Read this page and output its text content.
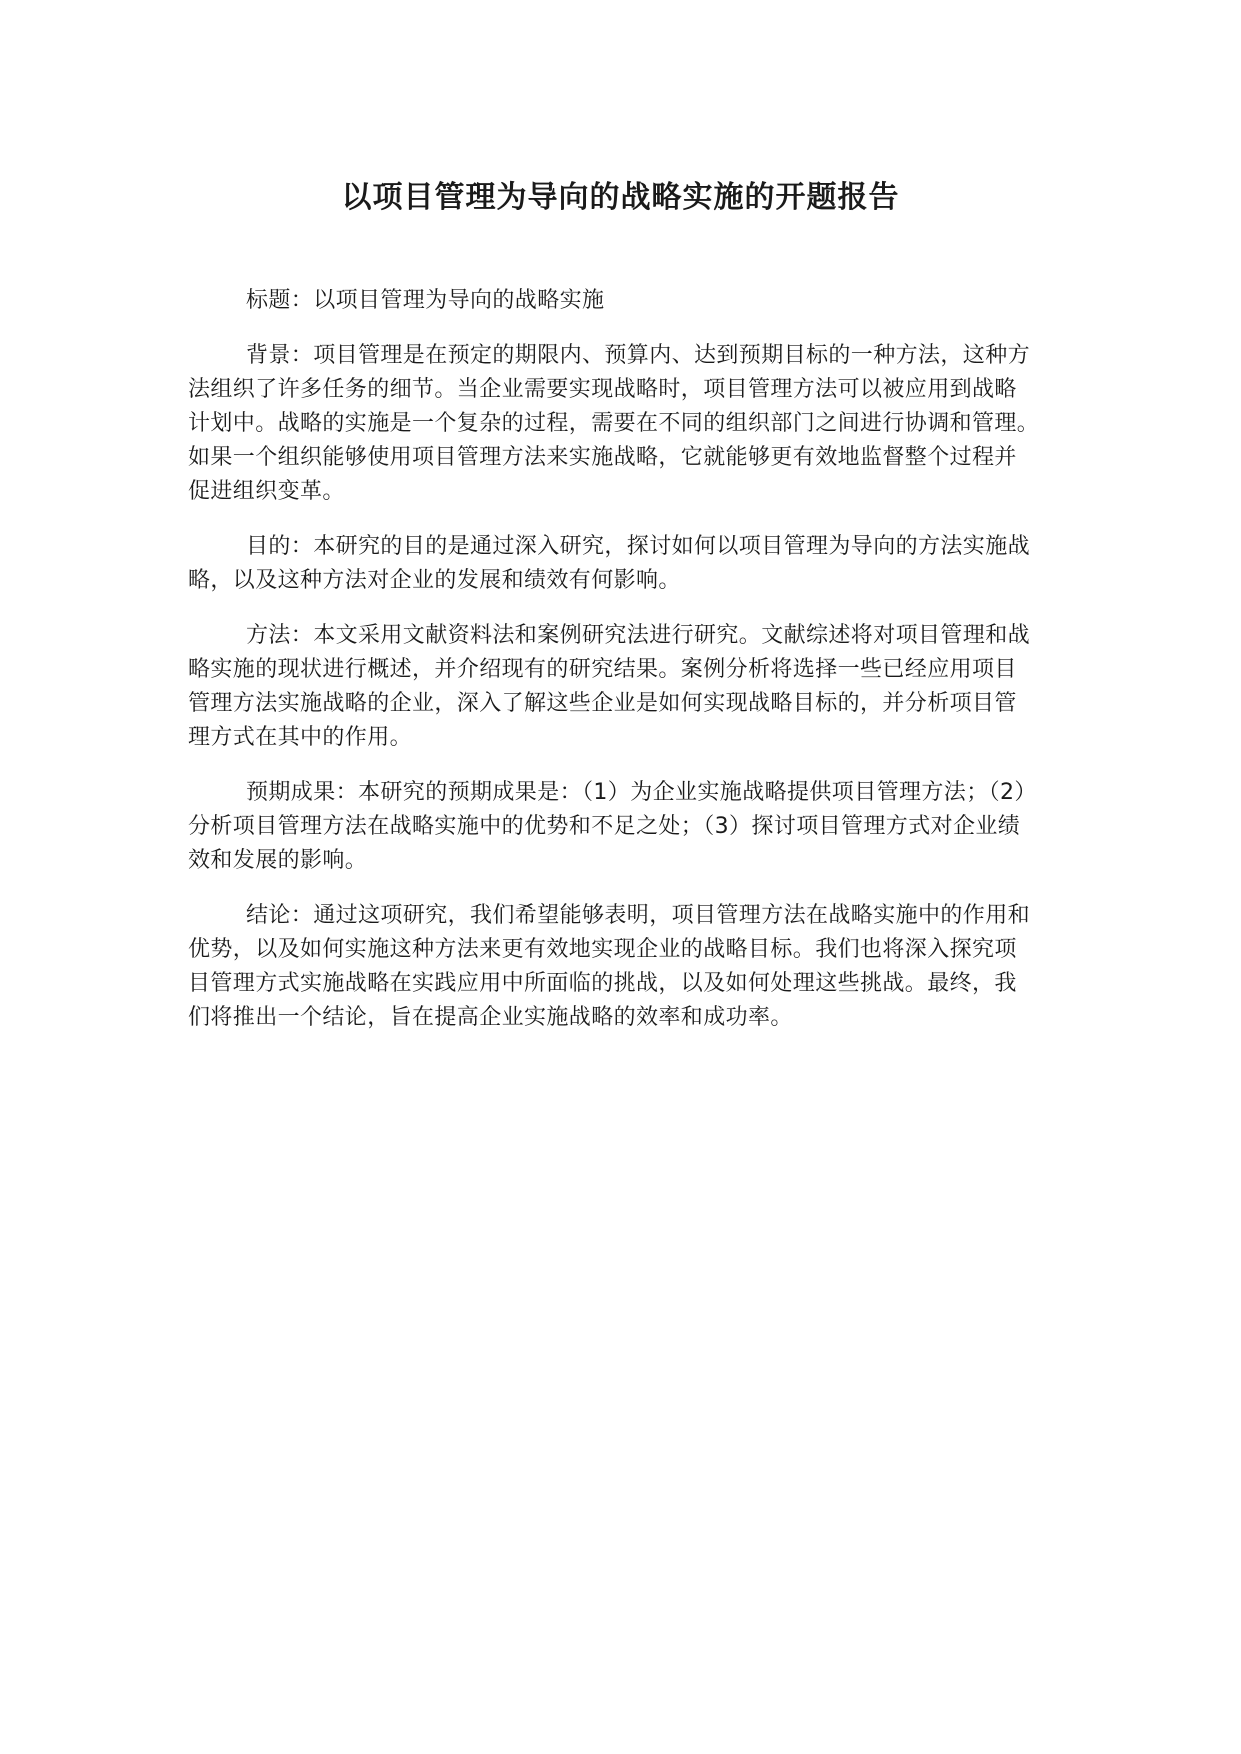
以项目管理为导向的战略实施的开题报告

标题：以项目管理为导向的战略实施

背景：项目管理是在预定的期限内、预算内、达到预期目标的一种方法，这种方
法组织了许多任务的细节。当企业需要实现战略时，项目管理方法可以被应用到战略
计划中。战略的实施是一个复杂的过程，需要在不同的组织部门之间进行协调和管理。
如果一个组织能够使用项目管理方法来实施战略，它就能够更有效地监督整个过程并
促进组织变革。

目的：本研究的目的是通过深入研究，探讨如何以项目管理为导向的方法实施战
略，以及这种方法对企业的发展和绩效有何影响。

方法：本文采用文献资料法和案例研究法进行研究。文献综述将对项目管理和战
略实施的现状进行概述，并介绍现有的研究结果。案例分析将选择一些已经应用项目
管理方法实施战略的企业，深入了解这些企业是如何实现战略目标的，并分析项目管
理方式在其中的作用。

预期成果：本研究的预期成果是：（1）为企业实施战略提供项目管理方法；（2）
分析项目管理方法在战略实施中的优势和不足之处；（3）探讨项目管理方式对企业绩
效和发展的影响。

结论：通过这项研究，我们希望能够表明，项目管理方法在战略实施中的作用和
优势，以及如何实施这种方法来更有效地实现企业的战略目标。我们也将深入探究项
目管理方式实施战略在实践应用中所面临的挑战，以及如何处理这些挑战。最终，我
们将推出一个结论，旨在提高企业实施战略的效率和成功率。
